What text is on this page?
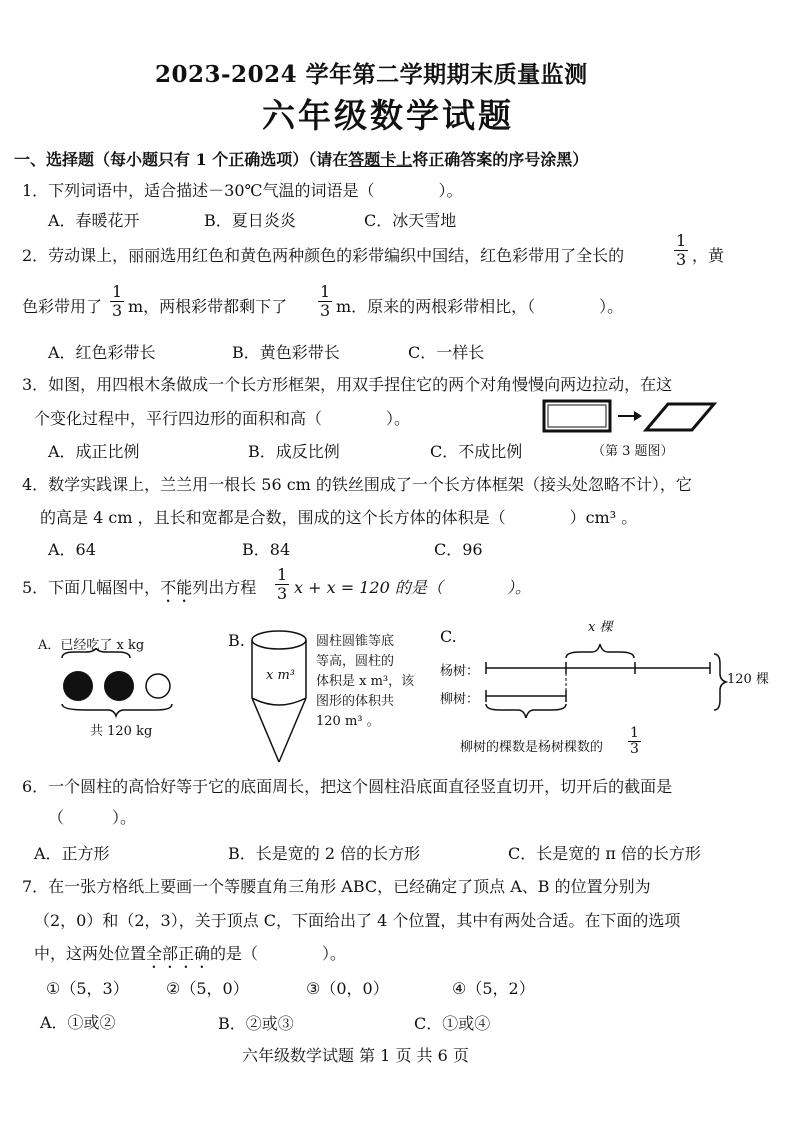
2023-2024 学年第二学期期末质量监测
六年级数学试题
一、选择题（每小题只有 1 个正确选项）（请在答题卡上将正确答案的序号涂黑）
1．下列词语中，适合描述－30℃气温的词语是（　　　　）。
A．春暖花开	B．夏日炎炎	C．冰天雪地
2．劳动课上，丽丽选用红色和黄色两种颜色的彩带编织中国结，红色彩带用了全长的	$\frac{1}{3}$ ，黄
色彩带用了 $\frac{1}{3}$ m，两根彩带都剩下了 $\frac{1}{3}$ m．原来的两根彩带相比，（　　　　）。
A．红色彩带长	B．黄色彩带长	C．一样长
3．如图，用四根木条做成一个长方形框架，用双手捏住它的两个对角慢慢向两边拉动，在这
个变化过程中，平行四边形的面积和高（　　　　）。
A．成正比例	B．成反比例	C．不成比例	（第 3 题图）
4．数学实践课上，兰兰用一根长 56 cm 的铁丝围成了一个长方体框架（接头处忽略不计），它
的高是 4 cm ，且长和宽都是合数，围成的这个长方体的体积是（　　　　）cm³ 。
A．64	B．84	C．96
5．下面几幅图中，不能列出方程 $\frac{1}{3}$ x + x = 120 的是（　　　　）。
A．已经吃了 x kg
共 120 kg
B.
x m³
圆柱圆锥等底
等高，圆柱的
体积是 x m³，该
图形的体积共
120 m³ 。
C.	x 棵
杨树：
柳树：
120 棵
柳树的棵数是杨树棵数的 $\frac{1}{3}$
6．一个圆柱的高恰好等于它的底面周长，把这个圆柱沿底面直径竖直切开，切开后的截面是
（　　　）。
A．正方形	B．长是宽的 2 倍的长方形	C．长是宽的 π 倍的长方形
7．在一张方格纸上要画一个等腰直角三角形 ABC，已经确定了顶点 A、B 的位置分别为
（2，0）和（2，3），关于顶点 C，下面给出了 4 个位置，其中有两处合适。在下面的选项
中，这两处位置全部正确的是（　　　　）。
①（5，3） ②（5，0）	③（0，0）	④（5，2）
A．①或②	B．②或③	C．①或④
六年级数学试题 第 1 页 共 6 页
